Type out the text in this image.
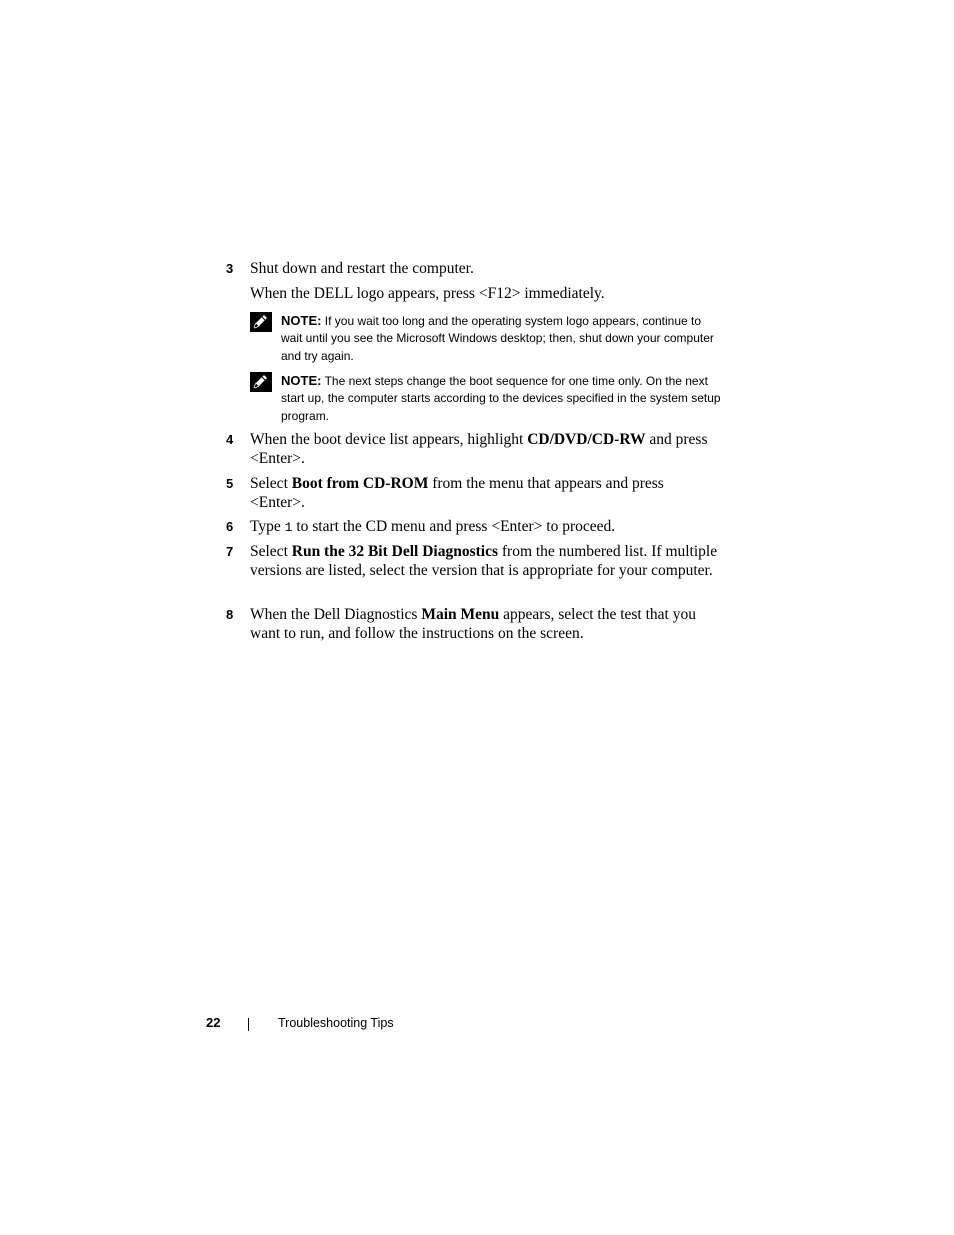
3 Shut down and restart the computer.
When the DELL logo appears, press <F12> immediately.
NOTE: If you wait too long and the operating system logo appears, continue to wait until you see the Microsoft Windows desktop; then, shut down your computer and try again.
NOTE: The next steps change the boot sequence for one time only. On the next start up, the computer starts according to the devices specified in the system setup program.
4 When the boot device list appears, highlight CD/DVD/CD-RW and press <Enter>.
5 Select Boot from CD-ROM from the menu that appears and press <Enter>.
6 Type 1 to start the CD menu and press <Enter> to proceed.
7 Select Run the 32 Bit Dell Diagnostics from the numbered list. If multiple versions are listed, select the version that is appropriate for your computer.
8 When the Dell Diagnostics Main Menu appears, select the test that you want to run, and follow the instructions on the screen.
22	Troubleshooting Tips
